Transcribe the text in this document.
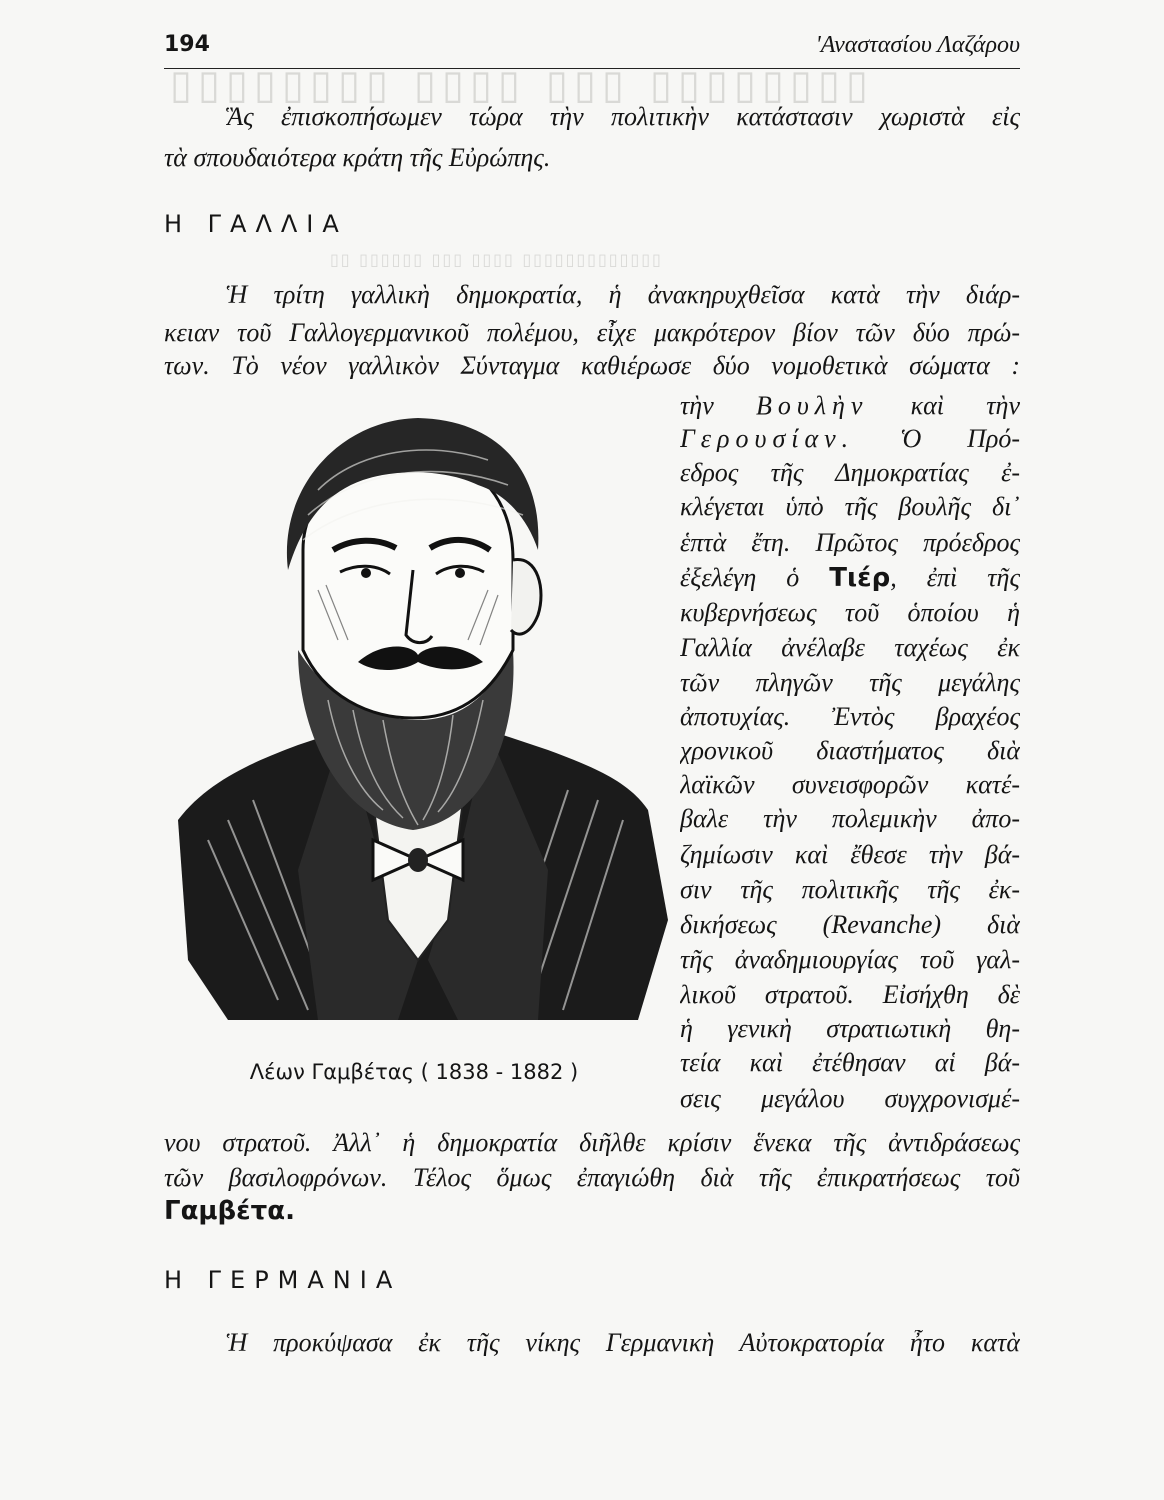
▯▯▯▯▯▯▯▯ ▯▯▯▯ ▯▯▯ ▯▯▯▯▯▯▯▯
▯▯ ▯▯▯▯▯▯ ▯▯▯ ▯▯▯▯ ▯▯▯▯▯▯▯▯▯▯▯▯▯
194	'Αναστασίου Λαζάρου
Ἃς ἐπισκοπήσωμεν τώρα τὴν πολιτικὴν κατάστασιν χωριστὰ εἰς
τὰ σπουδαιότερα κράτη τῆς Εὐρώπης.
Η ΓΑΛΛΙΑ
Ἡ τρίτη γαλλικὴ δημοκρατία, ἡ ἀνακηρυχθεῖσα κατὰ τὴν διάρ-
κειαν τοῦ Γαλλογερμανικοῦ πολέμου, εἶχε μακρότερον βίον τῶν δύο πρώ-
των. Τὸ νέον γαλλικὸν Σύνταγμα καθιέρωσε δύο νομοθετικὰ σώματα :
τὴν Βουλὴν καὶ τὴν
Γερουσίαν. Ὁ Πρό-
εδρος τῆς Δημοκρατίας ἐ-
κλέγεται ὑπὸ τῆς βουλῆς δι᾿
ἑπτὰ ἔτη. Πρῶτος πρόεδρος
ἐξελέγη ὁ Τιέρ, ἐπὶ τῆς
κυβερνήσεως τοῦ ὁποίου ἡ
Γαλλία ἀνέλαβε ταχέως ἐκ
τῶν πληγῶν τῆς μεγάλης
ἀποτυχίας. Ἐντὸς βραχέος
χρονικοῦ διαστήματος διὰ
λαϊκῶν συνεισφορῶν κατέ-
βαλε τὴν πολεμικὴν ἀπο-
ζημίωσιν καὶ ἔθεσε τὴν βά-
σιν τῆς πολιτικῆς τῆς ἐκ-
δικήσεως (Revanche) διὰ
τῆς ἀναδημιουργίας τοῦ γαλ-
λικοῦ στρατοῦ. Εἰσήχθη δὲ
ἡ γενικὴ στρατιωτικὴ θη-
τεία καὶ ἐτέθησαν αἱ βά-
σεις μεγάλου συγχρονισμέ-
Λέων Γαμβέτας ( 1838 - 1882 )
νου στρατοῦ. Ἀλλ᾿ ἡ δημοκρατία διῆλθε κρίσιν ἕνεκα τῆς ἀντιδράσεως
τῶν βασιλοφρόνων. Τέλος ὅμως ἐπαγιώθη διὰ τῆς ἐπικρατήσεως τοῦ
Γαμβέτα.
Η ΓΕΡΜΑΝΙΑ
Ἡ προκύψασα ἐκ τῆς νίκης Γερμανικὴ Αὐτοκρατορία ἦτο κατὰ
